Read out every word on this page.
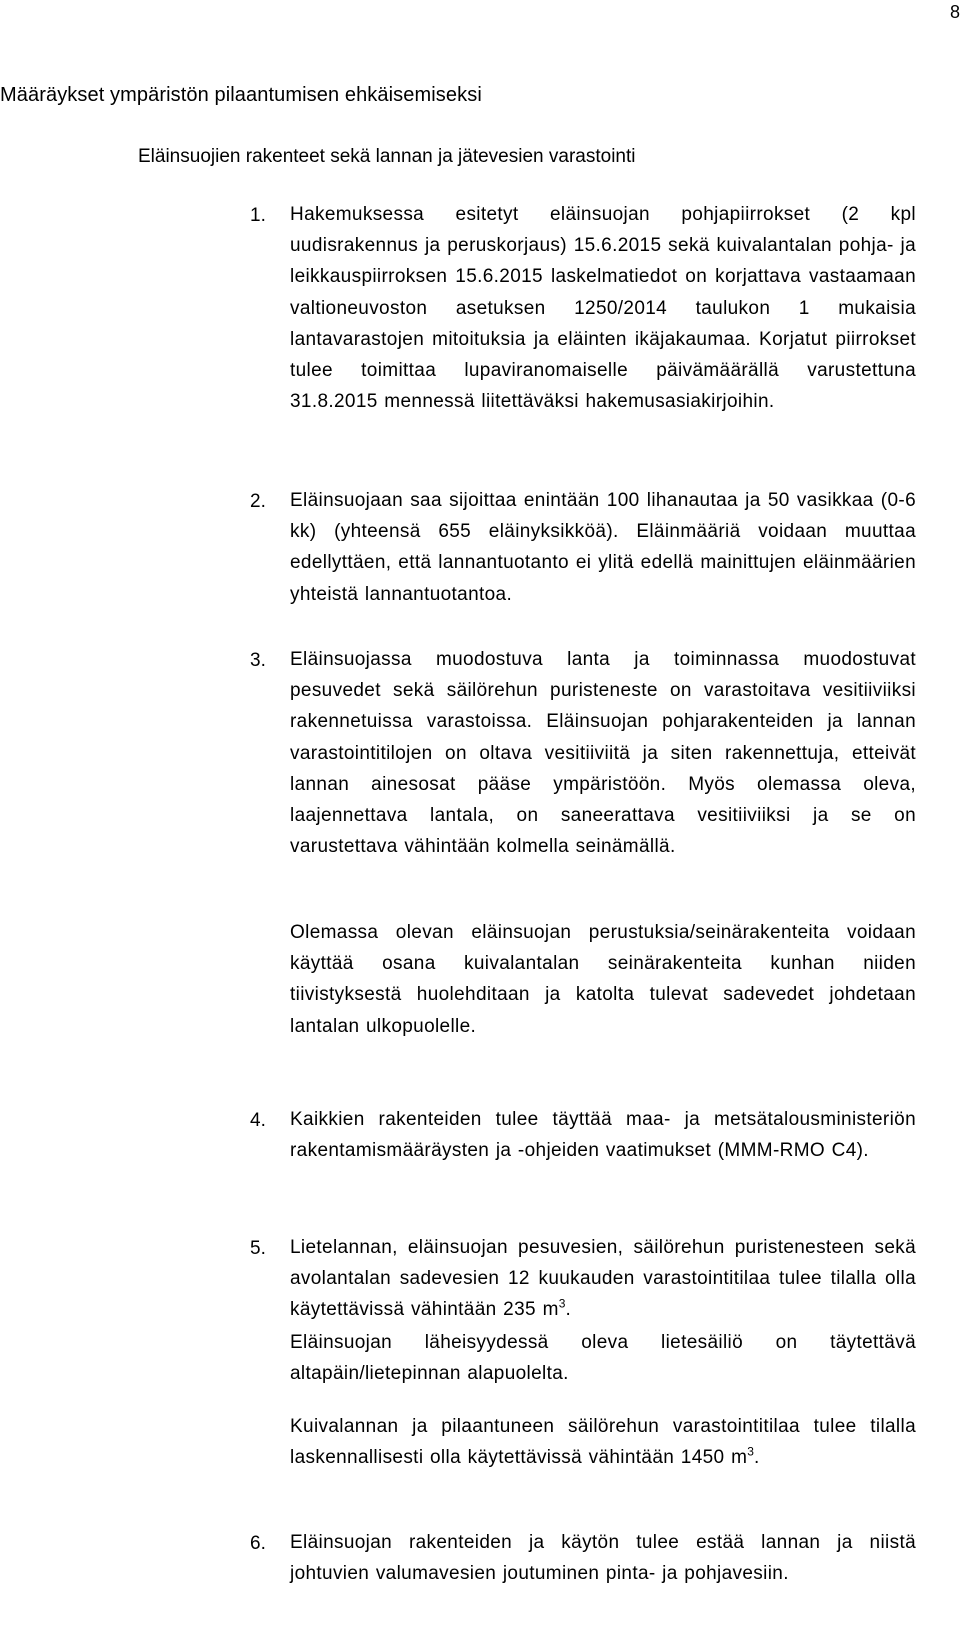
8
Määräykset ympäristön pilaantumisen ehkäisemiseksi
Eläinsuojien rakenteet sekä lannan ja jätevesien varastointi
1. Hakemuksessa esitetyt eläinsuojan pohjapiirrokset (2 kpl uudisrakennus ja peruskorjaus) 15.6.2015 sekä kuivalantalan pohja- ja leikkauspiirroksen 15.6.2015 laskelmatiedot on korjattava vastaamaan valtioneuvoston asetuksen 1250/2014 taulukon 1 mukaisia lantavarastojen mitoituksia ja eläinten ikäjakaumaa. Korjatut piirrokset tulee toimittaa lupaviranomaiselle päivämäärällä varustettuna 31.8.2015 mennessä liitettäväksi hakemusasiakirjoihin.
2. Eläinsuojaan saa sijoittaa enintään 100 lihanautaa ja 50 vasikkaa (0-6 kk) (yhteensä 655 eläinyksikköä). Eläinmääriä voidaan muuttaa edellyttäen, että lannantuotanto ei ylitä edellä mainittujen eläinmäärien yhteistä lannantuotantoa.
3. Eläinsuojassa muodostuva lanta ja toiminnassa muodostuvat pesuvedet sekä säilörehun puristeneste on varastoitava vesitiiviiksi rakennetuissa varastoissa. Eläinsuojan pohjarakenteiden ja lannan varastointitilojen on oltava vesitiiviitä ja siten rakennettuja, etteivät lannan ainesosat pääse ympäristöön. Myös olemassa oleva, laajennettava lantala, on saneerattava vesitiiviiksi ja se on varustettava vähintään kolmella seinämällä.
Olemassa olevan eläinsuojan perustuksia/seinärakenteita voidaan käyttää osana kuivalantalan seinärakenteita kunhan niiden tiivistyksestä huolehditaan ja katolta tulevat sadevedet johdetaan lantalan ulkopuolelle.
4. Kaikkien rakenteiden tulee täyttää maa- ja metsätalousministeriön rakentamismääräysten ja -ohjeiden vaatimukset (MMM-RMO C4).
5. Lietelannan, eläinsuojan pesuvesien, säilörehun puristenesteen sekä avolantalan sadevesien 12 kuukauden varastointitilaa tulee tilalla olla käytettävissä vähintään 235 $m^3$.
Eläinsuojan läheisyydessä oleva lietesäiliö on täytettävä altapäin/lietepinnan alapuolelta.
Kuivalannan ja pilaantuneen säilörehun varastointitilaa tulee tilalla laskennallisesti olla käytettävissä vähintään 1450 $m^3$.
6. Eläinsuojan rakenteiden ja käytön tulee estää lannan ja niistä johtuvien valumavesien joutuminen pinta- ja pohjavesiin.
